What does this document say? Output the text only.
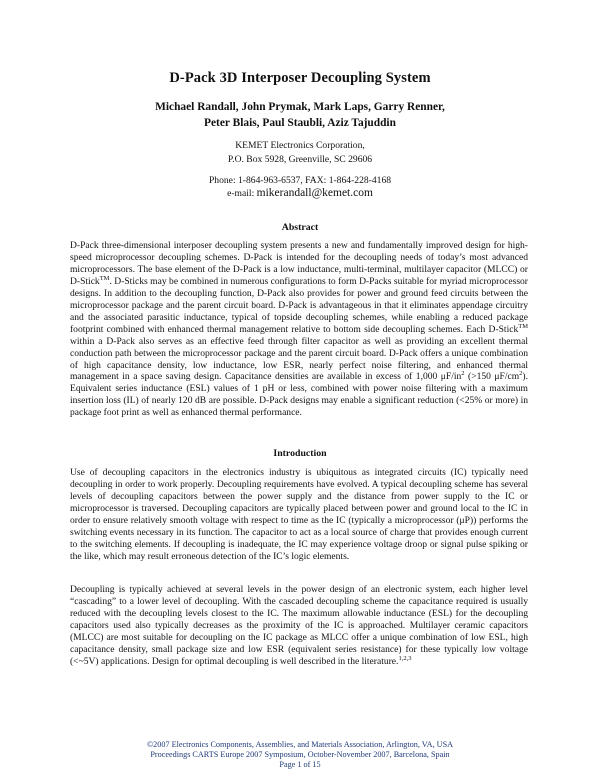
D-Pack 3D Interposer Decoupling System
Michael Randall, John Prymak, Mark Laps, Garry Renner,
Peter Blais, Paul Staubli, Aziz Tajuddin
KEMET Electronics Corporation,
P.O. Box 5928, Greenville, SC 29606
Phone: 1-864-963-6537, FAX: 1-864-228-4168
e-mail: mikerandall@kemet.com
Abstract

D-Pack three-dimensional interposer decoupling system presents a new and fundamentally improved design for high-speed microprocessor decoupling schemes. D-Pack is intended for the decoupling needs of today’s most advanced microprocessors. The base element of the D-Pack is a low inductance, multi-terminal, multilayer capacitor (MLCC) or D-Stick™. D-Sticks may be combined in numerous configurations to form D-Packs suitable for myriad microprocessor designs. In addition to the decoupling function, D-Pack also provides for power and ground feed circuits between the microprocessor package and the parent circuit board. D-Pack is advantageous in that it eliminates appendage circuitry and the associated parasitic inductance, typical of topside decoupling schemes, while enabling a reduced package footprint combined with enhanced thermal management relative to bottom side decoupling schemes. Each D-Stick™ within a D-Pack also serves as an effective feed through filter capacitor as well as providing an excellent thermal conduction path between the microprocessor package and the parent circuit board. D-Pack offers a unique combination of high capacitance density, low inductance, low ESR, nearly perfect noise filtering, and enhanced thermal management in a space saving design. Capacitance densities are available in excess of 1,000 $\mu F/in^2$ (>150 $\mu F/cm^2$). Equivalent series inductance (ESL) values of 1 pH or less, combined with power noise filtering with a maximum insertion loss (IL) of nearly 120 dB are possible. D-Pack designs may enable a significant reduction (<25% or more) in package foot print as well as enhanced thermal performance.

Introduction

Use of decoupling capacitors in the electronics industry is ubiquitous as integrated circuits (IC) typically need decoupling in order to work properly. Decoupling requirements have evolved. A typical decoupling scheme has several levels of decoupling capacitors between the power supply and the distance from power supply to the IC or microprocessor is traversed. Decoupling capacitors are typically placed between power and ground local to the IC in order to ensure relatively smooth voltage with respect to time as the IC (typically a microprocessor (μP)) performs the switching events necessary in its function. The capacitor to act as a local source of charge that provides enough current to the switching elements. If decoupling is inadequate, the IC may experience voltage droop or signal pulse spiking or the like, which may result erroneous detection of the IC’s logic elements.

Decoupling is typically achieved at several levels in the power design of an electronic system, each higher level “cascading” to a lower level of decoupling. With the cascaded decoupling scheme the capacitance required is usually reduced with the decoupling levels closest to the IC. The maximum allowable inductance (ESL) for the decoupling capacitors used also typically decreases as the proximity of the IC is approached. Multilayer ceramic capacitors (MLCC) are most suitable for decoupling on the IC package as MLCC offer a unique combination of low ESL, high capacitance density, small package size and low ESR (equivalent series resistance) for these typically low voltage (<~5V) applications. Design for optimal decoupling is well described in the literature.$^{1,2,3}$

©2007 Electronics Components, Assemblies, and Materials Association, Arlington, VA, USA
Proceedings CARTS Europe 2007 Symposium, October-November 2007, Barcelona, Spain
Page 1 of 15
